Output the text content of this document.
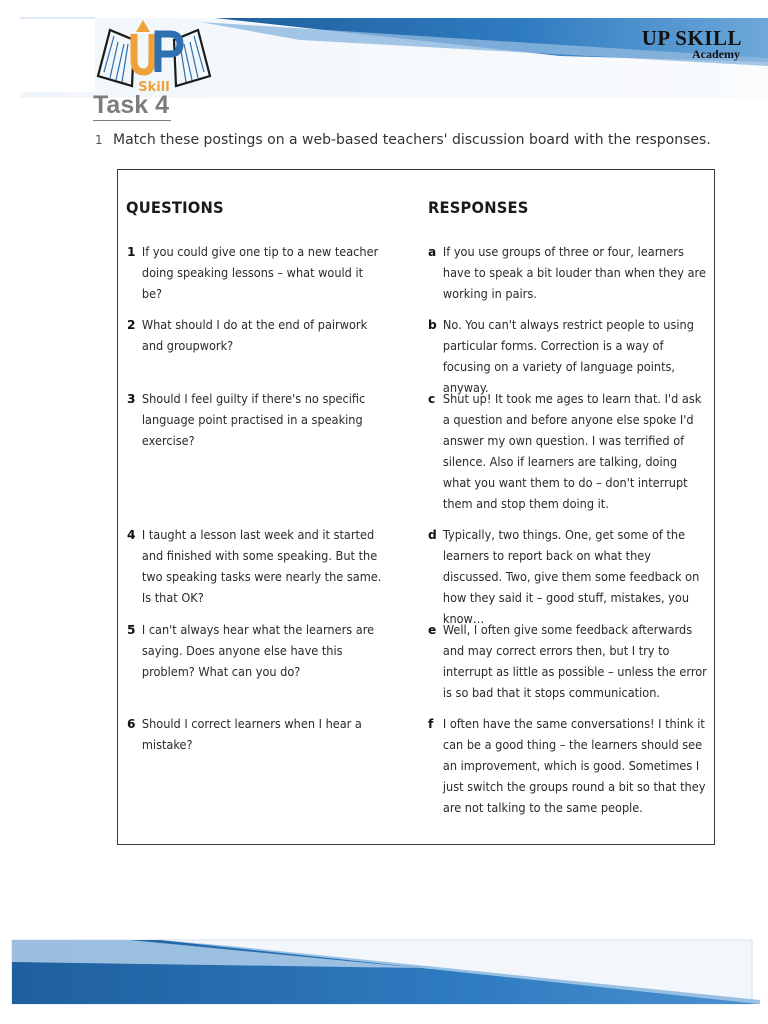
Skill
UP SKILL
Academy
Task 4
1 Match these postings on a web-based teachers' discussion board with the responses.
QUESTIONS	RESPONSES
1 If you could give one tip to a new teacher doing speaking lessons – what would it be?
2 What should I do at the end of pairwork and groupwork?
3 Should I feel guilty if there's no specific language point practised in a speaking exercise?
4 I taught a lesson last week and it started and finished with some speaking. But the two speaking tasks were nearly the same. Is that OK?
5 I can't always hear what the learners are saying. Does anyone else have this problem? What can you do?
6 Should I correct learners when I hear a mistake?
a If you use groups of three or four, learners have to speak a bit louder than when they are working in pairs.
b No. You can't always restrict people to using particular forms. Correction is a way of focusing on a variety of language points, anyway.
c Shut up! It took me ages to learn that. I'd ask a question and before anyone else spoke I'd answer my own question. I was terrified of silence. Also if learners are talking, doing what you want them to do – don't interrupt them and stop them doing it.
d Typically, two things. One, get some of the learners to report back on what they discussed. Two, give them some feedback on how they said it – good stuff, mistakes, you know…
e Well, I often give some feedback afterwards and may correct errors then, but I try to interrupt as little as possible – unless the error is so bad that it stops communication.
f I often have the same conversations! I think it can be a good thing – the learners should see an improvement, which is good. Sometimes I just switch the groups round a bit so that they are not talking to the same people.
